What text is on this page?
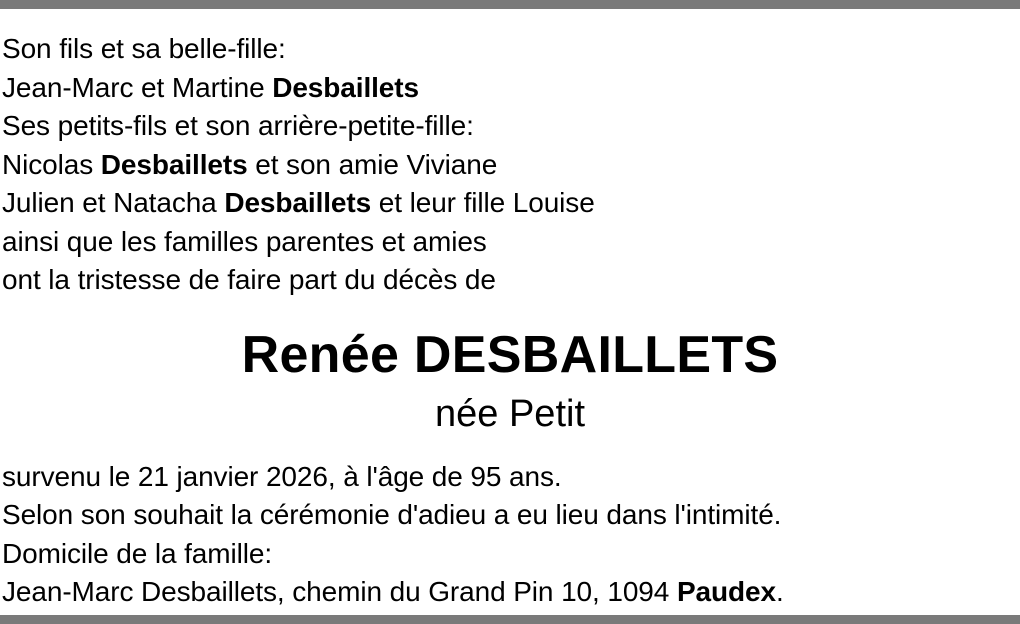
Son fils et sa belle-fille:
Jean-Marc et Martine Desbaillets
Ses petits-fils et son arrière-petite-fille:
Nicolas Desbaillets et son amie Viviane
Julien et Natacha Desbaillets et leur fille Louise
ainsi que les familles parentes et amies
ont la tristesse de faire part du décès de
Renée DESBAILLETS
née Petit
survenu le 21 janvier 2026, à l'âge de 95 ans.
Selon son souhait la cérémonie d'adieu a eu lieu dans l'intimité.
Domicile de la famille:
Jean-Marc Desbaillets, chemin du Grand Pin 10, 1094 Paudex.
